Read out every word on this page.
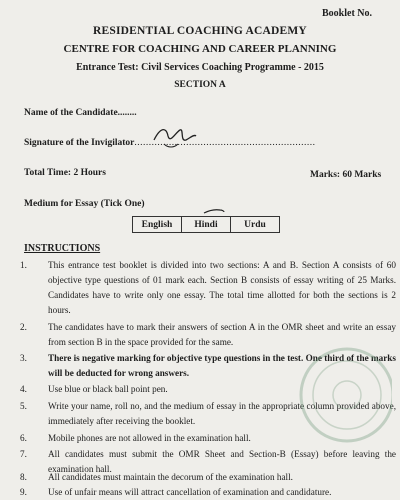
Booklet No.
RESIDENTIAL COACHING ACADEMY
CENTRE FOR COACHING AND CAREER PLANNING
Entrance Test: Civil Services Coaching Programme - 2015
SECTION A
Name of the Candidate........
Signature of the Invigilator...............................................................
Total Time: 2 Hours	Marks: 60 Marks
Medium for Essay (Tick One)
English	Hindi	Urdu
INSTRUCTIONS
1.	This entrance test booklet is divided into two sections: A and B. Section A consists of 60 objective type questions of 01 mark each. Section B consists of essay writing of 25 Marks. Candidates have to write only one essay. The total time allotted for both the sections is 2 hours.
2.	The candidates have to mark their answers of section A in the OMR sheet and write an essay from section B in the space provided for the same.
3.	There is negative marking for objective type questions in the test. One third of the marks will be deducted for wrong answers.
4.	Use blue or black ball point pen.
5.	Write your name, roll no, and the medium of essay in the appropriate column provided above, immediately after receiving the booklet.
6.	Mobile phones are not allowed in the examination hall.
7.	All candidates must submit the OMR Sheet and Section-B (Essay) before leaving the examination hall.
8.	All candidates must maintain the decorum of the examination hall.
9.	Use of unfair means will attract cancellation of examination and candidature.
